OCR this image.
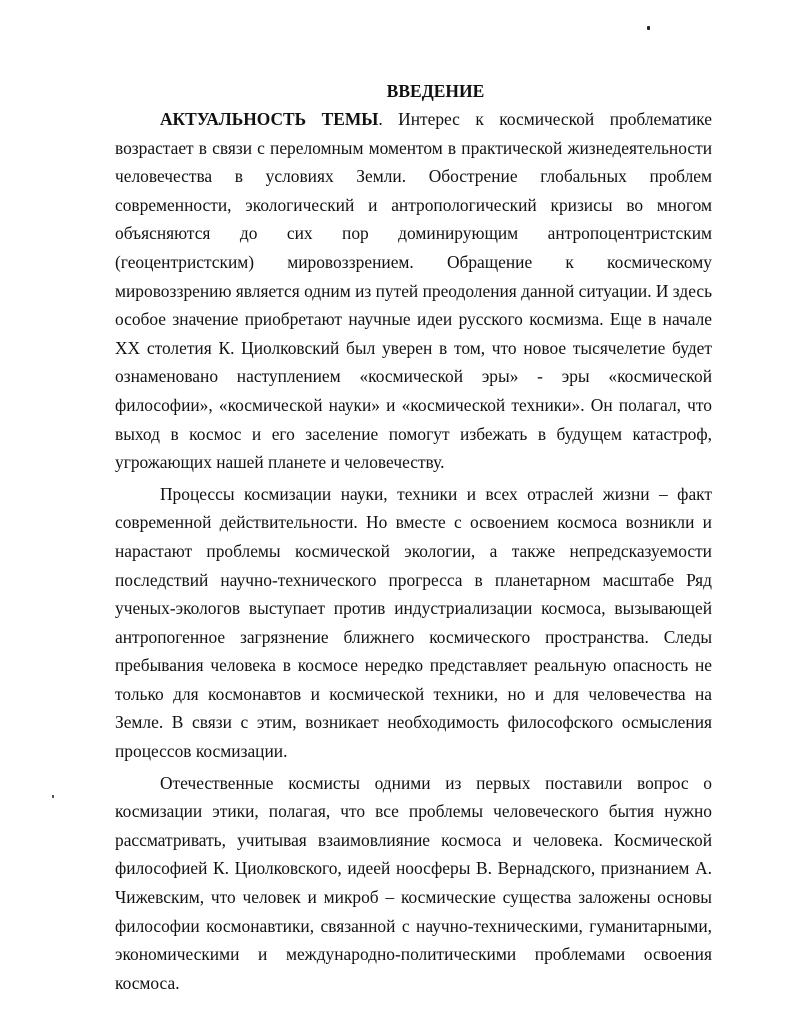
ВВЕДЕНИЕ

АКТУАЛЬНОСТЬ ТЕМЫ. Интерес к космической проблематике возрастает в связи с переломным моментом в практической жизнедеятельности человечества в условиях Земли. Обострение глобальных проблем современности, экологический и антропологический кризисы во многом объясняются до сих пор доминирующим антропоцентристским (геоцентристским) мировоззрением. Обращение к космическому мировоззрению является одним из путей преодоления данной ситуации. И здесь особое значение приобретают научные идеи русского космизма. Еще в начале XX столетия К. Циолковский был уверен в том, что новое тысячелетие будет ознаменовано наступлением «космической эры» - эры «космической философии», «космической науки» и «космической техники». Он полагал, что выход в космос и его заселение помогут избежать в будущем катастроф, угрожающих нашей планете и человечеству.

Процессы космизации науки, техники и всех отраслей жизни – факт современной действительности. Но вместе с освоением космоса возникли и нарастают проблемы космической экологии, а также непредсказуемости последствий научно-технического прогресса в планетарном масштабе Ряд ученых-экологов выступает против индустриализации космоса, вызывающей антропогенное загрязнение ближнего космического пространства. Следы пребывания человека в космосе нередко представляет реальную опасность не только для космонавтов и космической техники, но и для человечества на Земле. В связи с этим, возникает необходимость философского осмысления процессов космизации.

Отечественные космисты одними из первых поставили вопрос о космизации этики, полагая, что все проблемы человеческого бытия нужно рассматривать, учитывая взаимовлияние космоса и человека. Космической философией К. Циолковского, идеей ноосферы В. Вернадского, признанием А. Чижевским, что человек и микроб – космические существа заложены основы философии космонавтики, связанной с научно-техническими, гуманитарными, экономическими и международно-политическими проблемами освоения космоса.
